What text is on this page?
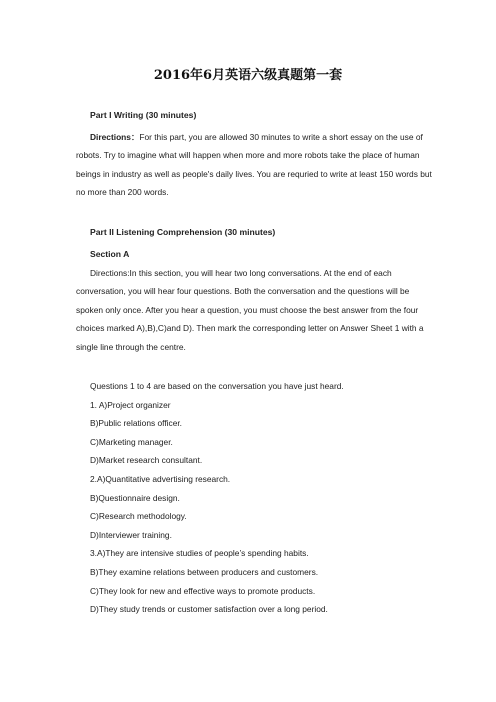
2016年6月英语六级真题第一套
Part I Writing (30 minutes)

Directions：For this part, you are allowed 30 minutes to write a short essay on the use of robots. Try to imagine what will happen when more and more robots take the place of human beings in industry as well as people's daily lives. You are requried to write at least 150 words but no more than 200 words.

Part II Listening Comprehension (30 minutes)
Section A

Directions:In this section, you will hear two long conversations. At the end of each conversation, you will hear four questions. Both the conversation and the questions will be spoken only once. After you hear a question, you must choose the best answer from the four choices marked A),B),C)and D). Then mark the corresponding letter on Answer Sheet 1 with a single line through the centre.

Questions 1 to 4 are based on the conversation you have just heard.
1. A)Project organizer
B)Public relations officer.
C)Marketing manager.
D)Market research consultant.
2.A)Quantitative advertising research.
B)Questionnaire design.
C)Research methodology.
D)Interviewer training.
3.A)They are intensive studies of people’s spending habits.
B)They examine relations between producers and customers.
C)They look for new and effective ways to promote products.
D)They study trends or customer satisfaction over a long period.
